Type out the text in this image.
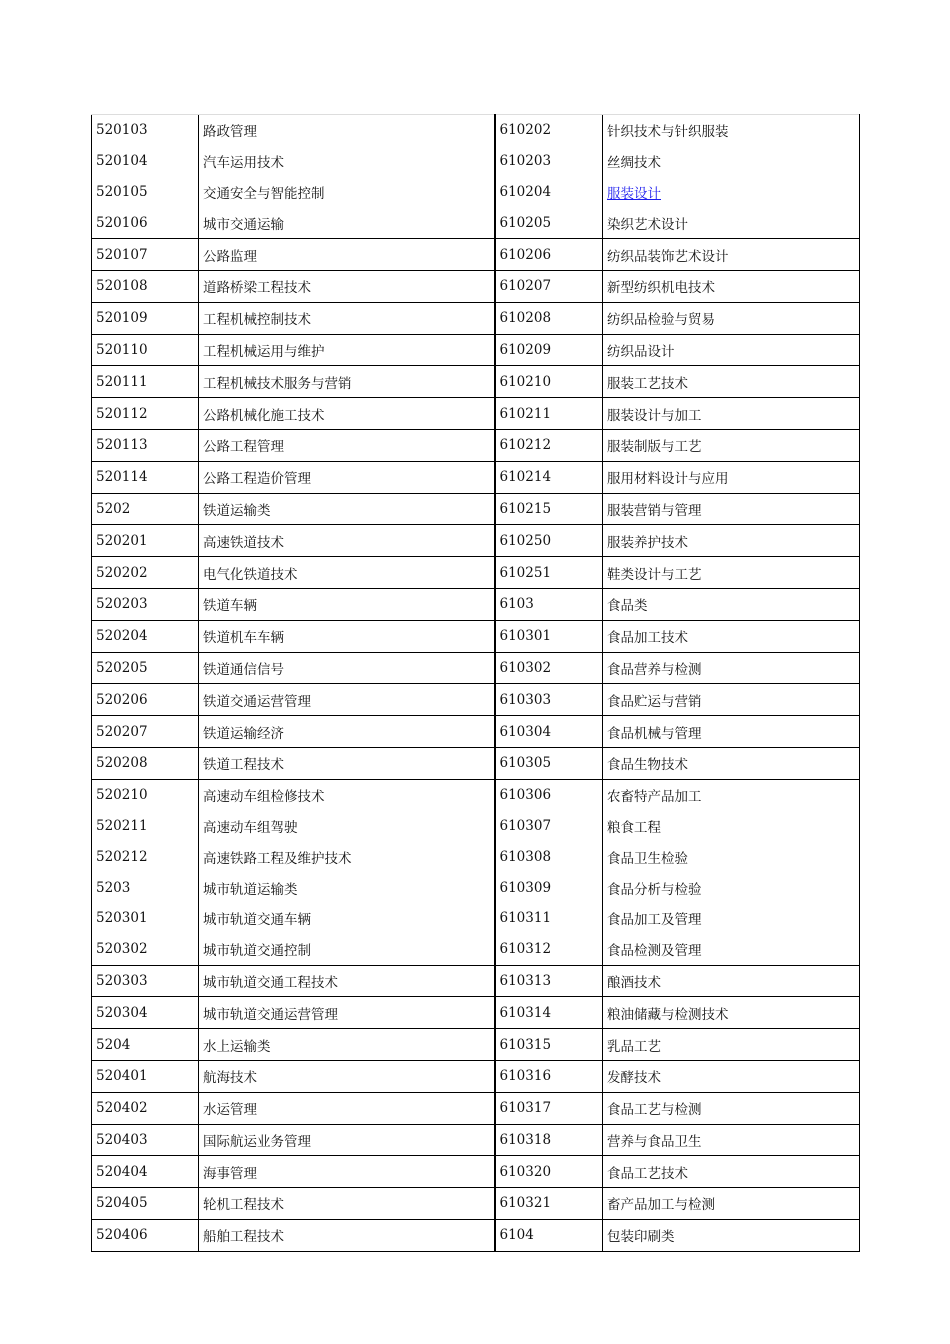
520103	路政管理	610202	针织技术与针织服装
520104	汽车运用技术	610203	丝绸技术
520105	交通安全与智能控制	610204	服装设计
520106	城市交通运输	610205	染织艺术设计
520107	公路监理	610206	纺织品装饰艺术设计
520108	道路桥梁工程技术	610207	新型纺织机电技术
520109	工程机械控制技术	610208	纺织品检验与贸易
520110	工程机械运用与维护	610209	纺织品设计
520111	工程机械技术服务与营销	610210	服装工艺技术
520112	公路机械化施工技术	610211	服装设计与加工
520113	公路工程管理	610212	服装制版与工艺
520114	公路工程造价管理	610214	服用材料设计与应用
5202	铁道运输类	610215	服装营销与管理
520201	高速铁道技术	610250	服装养护技术
520202	电气化铁道技术	610251	鞋类设计与工艺
520203	铁道车辆	6103	食品类
520204	铁道机车车辆	610301	食品加工技术
520205	铁道通信信号	610302	食品营养与检测
520206	铁道交通运营管理	610303	食品贮运与营销
520207	铁道运输经济	610304	食品机械与管理
520208	铁道工程技术	610305	食品生物技术
520210	高速动车组检修技术	610306	农畜特产品加工
520211	高速动车组驾驶	610307	粮食工程
520212	高速铁路工程及维护技术	610308	食品卫生检验
5203	城市轨道运输类	610309	食品分析与检验
520301	城市轨道交通车辆	610311	食品加工及管理
520302	城市轨道交通控制	610312	食品检测及管理
520303	城市轨道交通工程技术	610313	酿酒技术
520304	城市轨道交通运营管理	610314	粮油储藏与检测技术
5204	水上运输类	610315	乳品工艺
520401	航海技术	610316	发酵技术
520402	水运管理	610317	食品工艺与检测
520403	国际航运业务管理	610318	营养与食品卫生
520404	海事管理	610320	食品工艺技术
520405	轮机工程技术	610321	畜产品加工与检测
520406	船舶工程技术	6104	包装印刷类
